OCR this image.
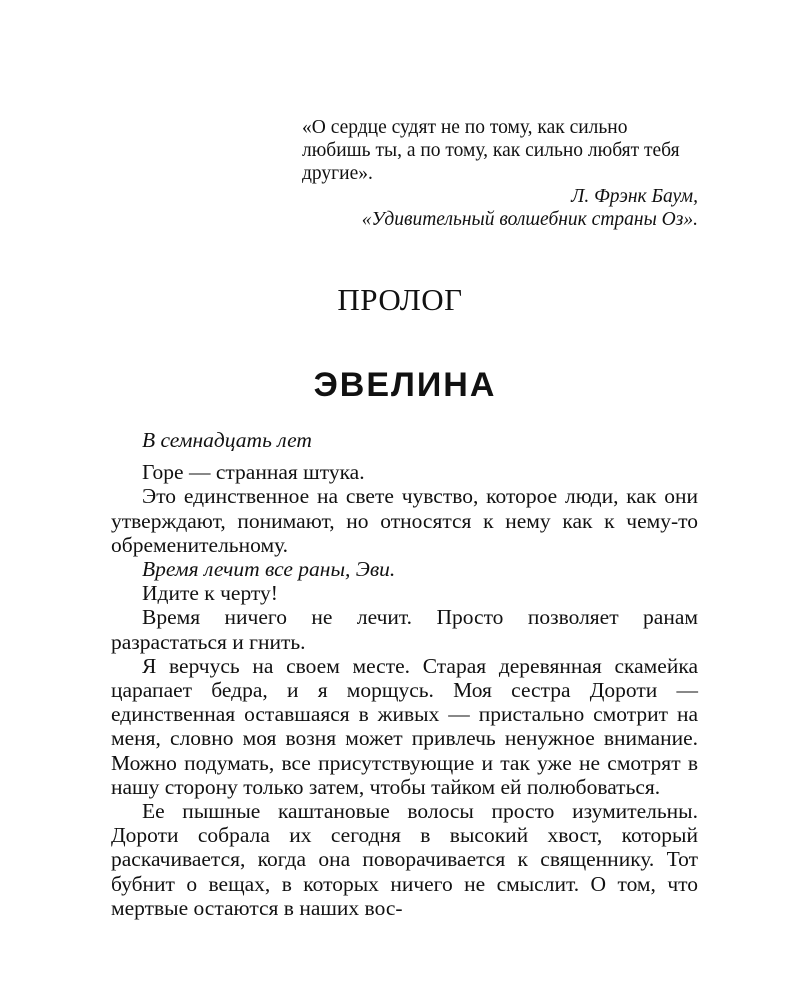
«О сердце судят не по тому, как сильно любишь ты, а по тому, как сильно любят тебя другие».

Л. Фрэнк Баум,

«Удивительный волшебник страны Оз».

ПРОЛОГ
ЭВЕЛИНА

В семнадцать лет

Горе — странная штука.

Это единственное на свете чувство, которое люди, как они утверждают, понимают, но относятся к нему как к чему-то обременительному.

Время лечит все раны, Эви.

Идите к черту!

Время ничего не лечит. Просто позволяет ранам разрастаться и гнить.

Я верчусь на своем месте. Старая деревянная скамейка царапает бедра, и я морщусь. Моя сестра Дороти — единственная оставшаяся в живых — пристально смотрит на меня, словно моя возня может привлечь ненужное внимание. Можно подумать, все присутствующие и так уже не смотрят в нашу сторону только затем, чтобы тайком ей полюбоваться.

Ее пышные каштановые волосы просто изумительны. Дороти собрала их сегодня в высокий хвост, который раскачивается, когда она поворачивается к священнику. Тот бубнит о вещах, в которых ничего не смыслит. О том, что мертвые остаются в наших вос-
